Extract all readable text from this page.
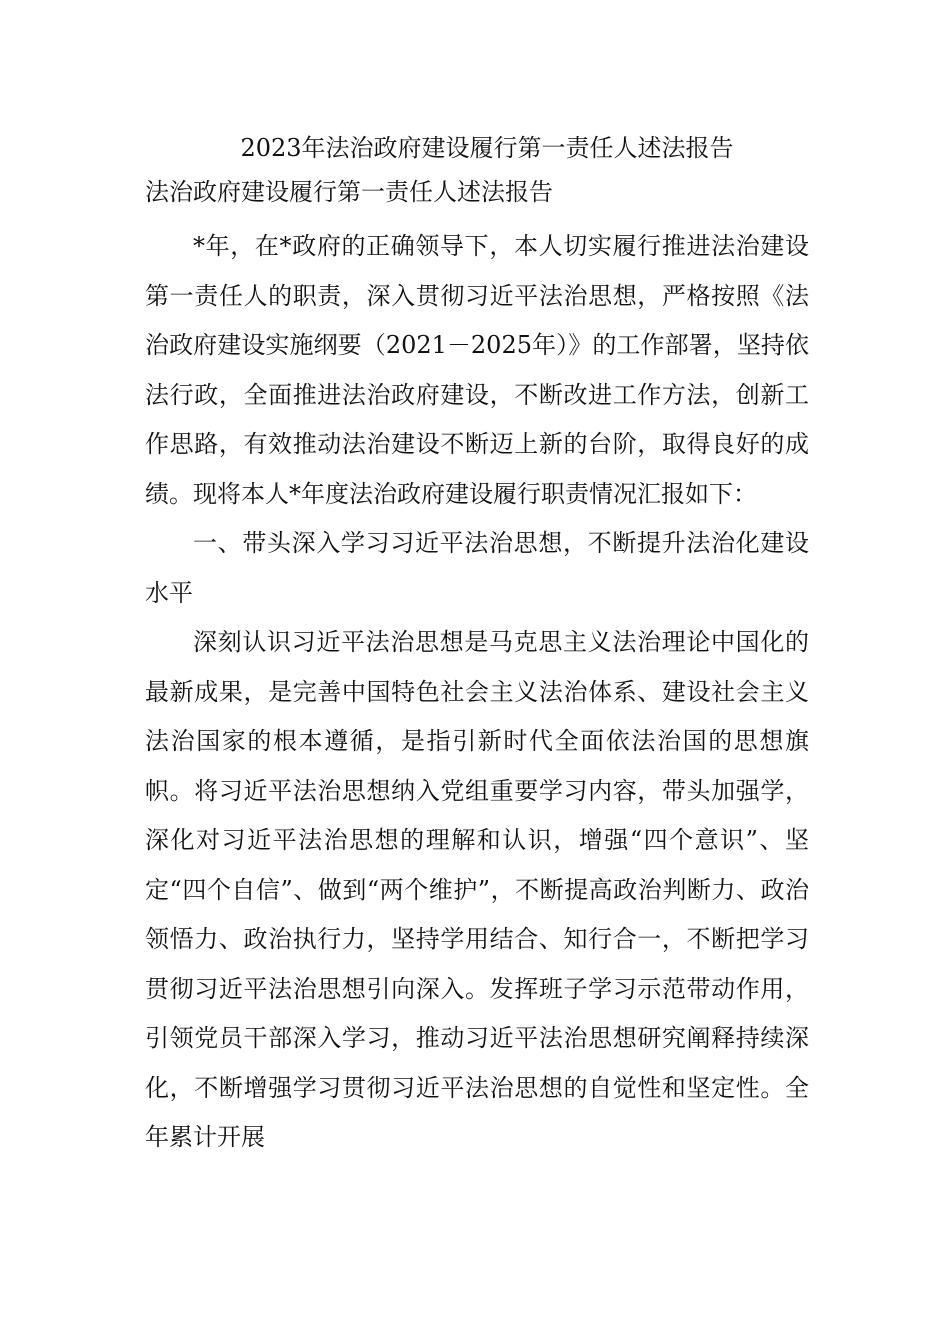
2023年法治政府建设履行第一责任人述法报告
法治政府建设履行第一责任人述法报告

*年，在*政府的正确领导下，本人切实履行推进法治建设第一责任人的职责，深入贯彻习近平法治思想，严格按照《法治政府建设实施纲要（2021－2025年）》的工作部署，坚持依法行政，全面推进法治政府建设，不断改进工作方法，创新工作思路，有效推动法治建设不断迈上新的台阶，取得良好的成绩。现将本人*年度法治政府建设履行职责情况汇报如下：

一、带头深入学习习近平法治思想，不断提升法治化建设水平

深刻认识习近平法治思想是马克思主义法治理论中国化的最新成果，是完善中国特色社会主义法治体系、建设社会主义法治国家的根本遵循，是指引新时代全面依法治国的思想旗帜。将习近平法治思想纳入党组重要学习内容，带头加强学，深化对习近平法治思想的理解和认识，增强“四个意识”、坚定“四个自信”、做到“两个维护”，不断提高政治判断力、政治领悟力、政治执行力，坚持学用结合、知行合一，不断把学习贯彻习近平法治思想引向深入。发挥班子学习示范带动作用，引领党员干部深入学习，推动习近平法治思想研究阐释持续深化，不断增强学习贯彻习近平法治思想的自觉性和坚定性。全年累计开展
